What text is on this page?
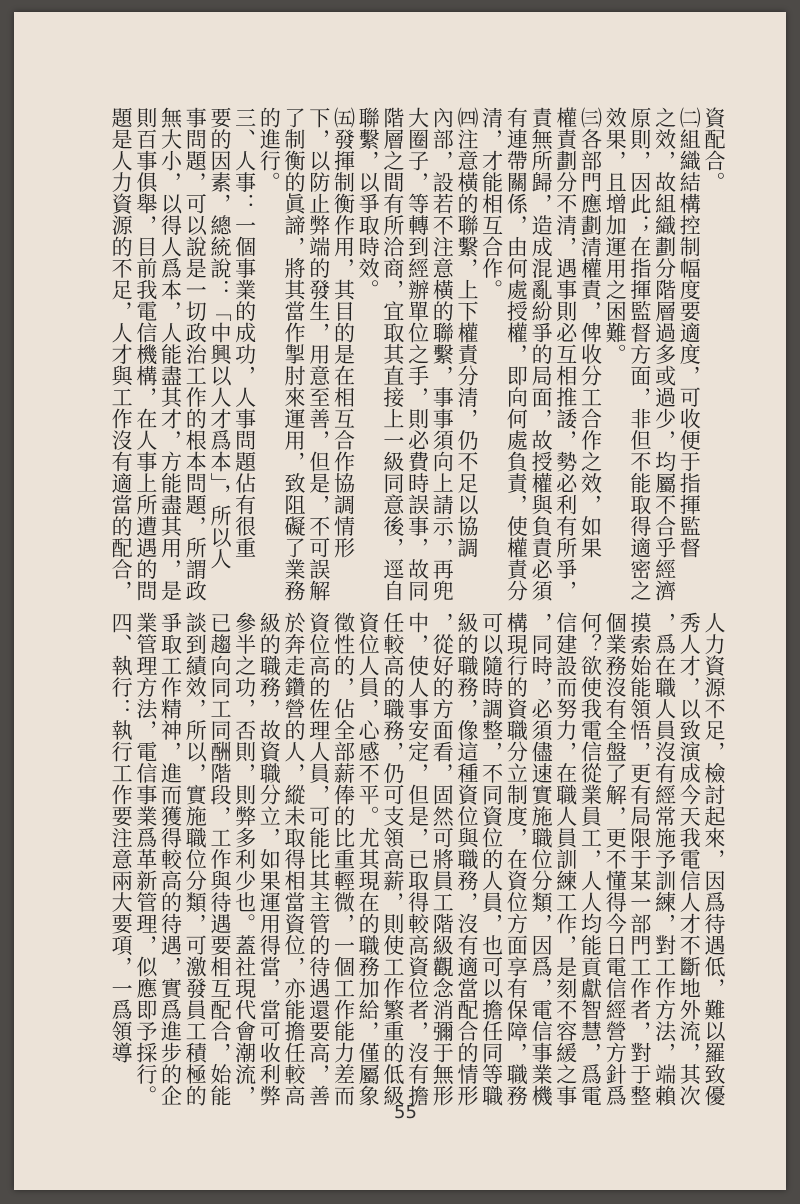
資配合。
㈡組織結構控制幅度要適度，可收便于指揮監督
之效，故組織劃分階層過多或過少，均屬不合乎經濟
原則，因此；在指揮監督方面，非但不能取得適密之
效果，且增加運用之困難。
㈢各部門應劃清權責，俾收分工合作之效，如果
權責劃分不清，遇事則必互相推諉，勢必利有所爭，
責無所歸，造成混亂紛爭的局面，故授權與負責必須
有連帶關係，由何處授權，即向何處負責，使權責分
清，才能相互合作。
㈣注意橫的聯繫，上下權責分清，仍不足以協調
內部，設若不注意橫的聯繫，事事須向上請示，再兜
大圈子，等轉到經辦單位之手，則必費時誤事，故同
階層之間有所洽商，宜取其直接上一級同意後，逕自
聯繫，以爭取時效。
㈤發揮制衡作用，其目的是在相互合作協調情形
下，以防止弊端的發生，用意至善，但是，不可誤解
了制衡的眞諦，將其當作掣肘來運用，致阻礙了業務
的進行。
三、人事：一個事業的成功，人事問題佔有很重
要的因素，總統說：「中興以人才爲本」，所以人
事問題，可以說是一切政治工作的根本問題，所謂政
無大小，以得人爲本，人能盡其才，方能盡其用，是
則百事俱舉，目前我電信機構，在人事上所遭遇的問
題是人力資源的不足，人才與工作沒有適當的配合，
人力資源不足，檢討起來，因爲待遇低，難以羅致優
秀人才，以致演成今天我電信人才不斷地外流，其次
，爲在職人員沒有經常施予訓練，對工作方法，端賴
摸索始能領悟，更有局限于某一部門工作者，對于整
個業務沒有全盤了解，更不懂得今日電信經營方針爲
何？欲使我電信從業員工，人人均能貢獻智慧，爲電
信建設而努力，在職人員訓練工作，是刻不容緩之事
，同時，必須儘速實施職位分類，因爲，電信事業機
構現行的資職分立制度，在資位方面享有保障，職務
可以隨時調整，不同資位的人員，也可以擔任同等職
級的職務，像這種資位與職務，沒有適當配合的情形
，從好的方面看，固然可將員工階級觀念消彌于無形
中，使人事安定，但是，已取得較高資位者，沒有擔
任較高的職務，仍可支領高薪，則使工作繁重的低級
資位人員，心感不平。尤其現在的職務加給，僅屬象
徵性的，佔全部薪俸的比重輕微，一個工作能力差而
資位高的佐理人員，可能比其主管的待遇還要高，善
於奔走鑽營的人，縱未取得相當資位，亦能擔任較高
級的職務，故資職分立，如果運用得當，當可收利弊
參半之功，否則，則弊多利少也。蓋社現代會潮流，
已趨向同工同酬階段，工作與待遇要相互配合，始能
談到績效，所以，實施職位分類，可激發員工積極的
爭取工作精神，進而獲得較高的待遇，實爲進步的企
業管理方法，電信事業爲革新管理，似應即予採行。
四、執行：執行工作要注意兩大要項，一爲領導
55
